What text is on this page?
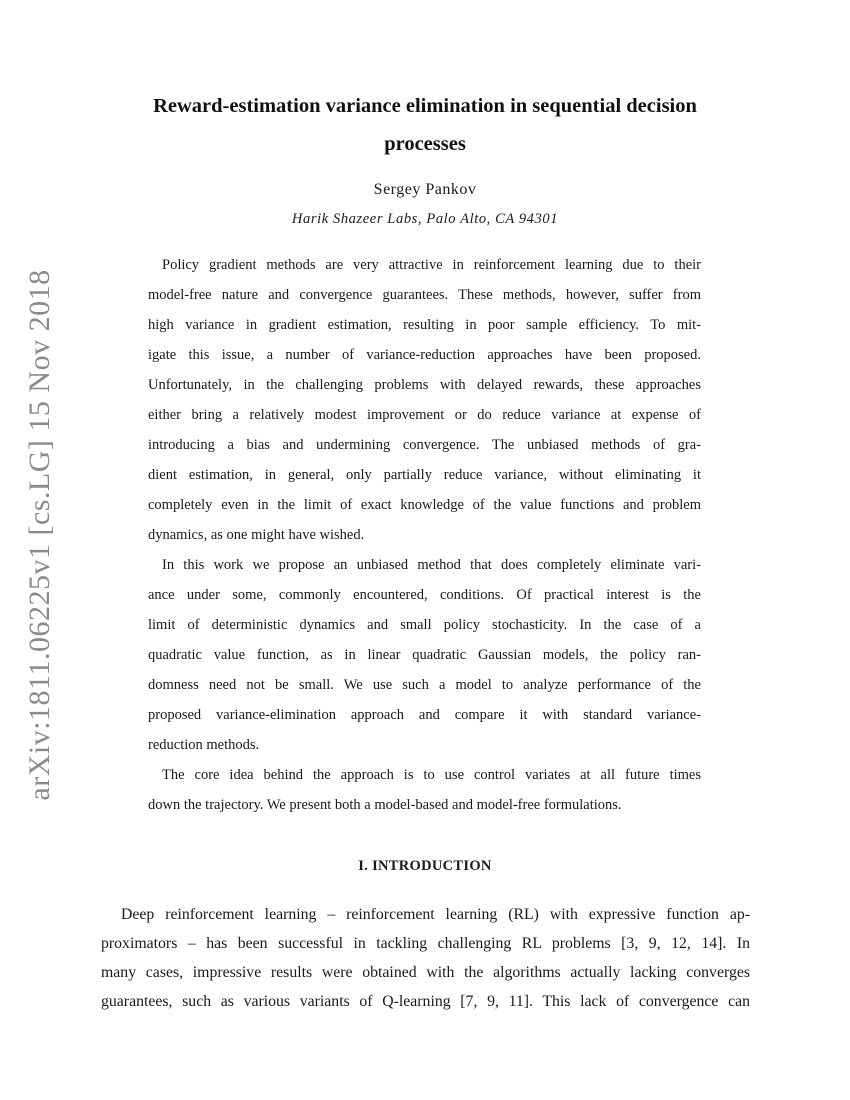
arXiv:1811.06225v1 [cs.LG] 15 Nov 2018
Reward-estimation variance elimination in sequential decision
processes
Sergey Pankov
Harik Shazeer Labs, Palo Alto, CA 94301
Policy gradient methods are very attractive in reinforcement learning due to their
model-free nature and convergence guarantees. These methods, however, suffer from
high variance in gradient estimation, resulting in poor sample efficiency. To mit-
igate this issue, a number of variance-reduction approaches have been proposed.
Unfortunately, in the challenging problems with delayed rewards, these approaches
either bring a relatively modest improvement or do reduce variance at expense of
introducing a bias and undermining convergence. The unbiased methods of gra-
dient estimation, in general, only partially reduce variance, without eliminating it
completely even in the limit of exact knowledge of the value functions and problem
dynamics, as one might have wished.
In this work we propose an unbiased method that does completely eliminate vari-
ance under some, commonly encountered, conditions. Of practical interest is the
limit of deterministic dynamics and small policy stochasticity. In the case of a
quadratic value function, as in linear quadratic Gaussian models, the policy ran-
domness need not be small. We use such a model to analyze performance of the
proposed variance-elimination approach and compare it with standard variance-
reduction methods.
The core idea behind the approach is to use control variates at all future times
down the trajectory. We present both a model-based and model-free formulations.
I. INTRODUCTION
Deep reinforcement learning – reinforcement learning (RL) with expressive function ap-
proximators – has been successful in tackling challenging RL problems [3, 9, 12, 14]. In
many cases, impressive results were obtained with the algorithms actually lacking converges
guarantees, such as various variants of Q-learning [7, 9, 11]. This lack of convergence can
